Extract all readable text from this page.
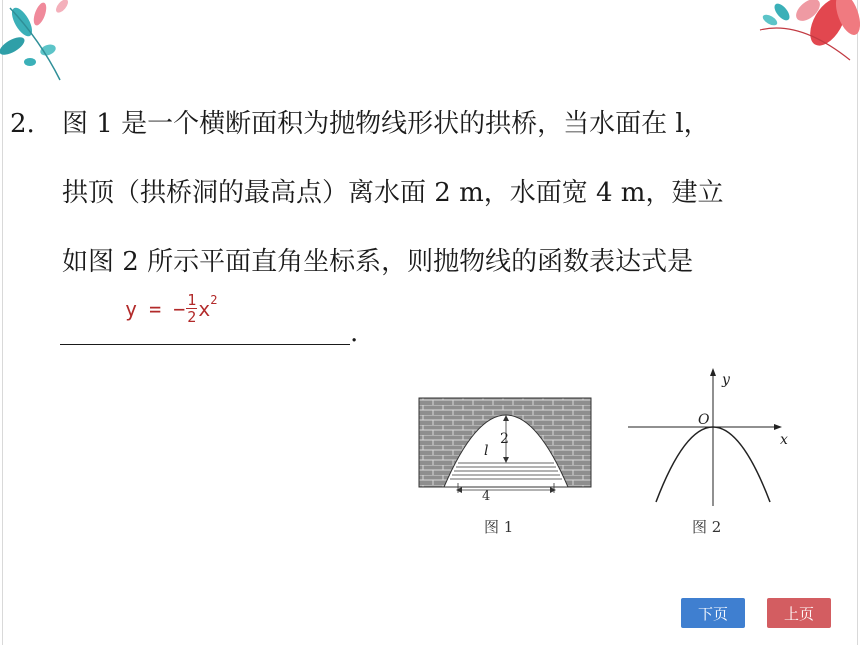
2. 图 1 是一个横断面积为抛物线形状的拱桥，当水面在 l，
拱顶（拱桥洞的最高点）离水面 2 m，水面宽 4 m，建立
如图 2 所示平面直角坐标系，则抛物线的函数表达式是
y = − $\frac{1}{2}$ x 2
.
2
l
4
图 1
y
x
O
图 2
下页	上页
